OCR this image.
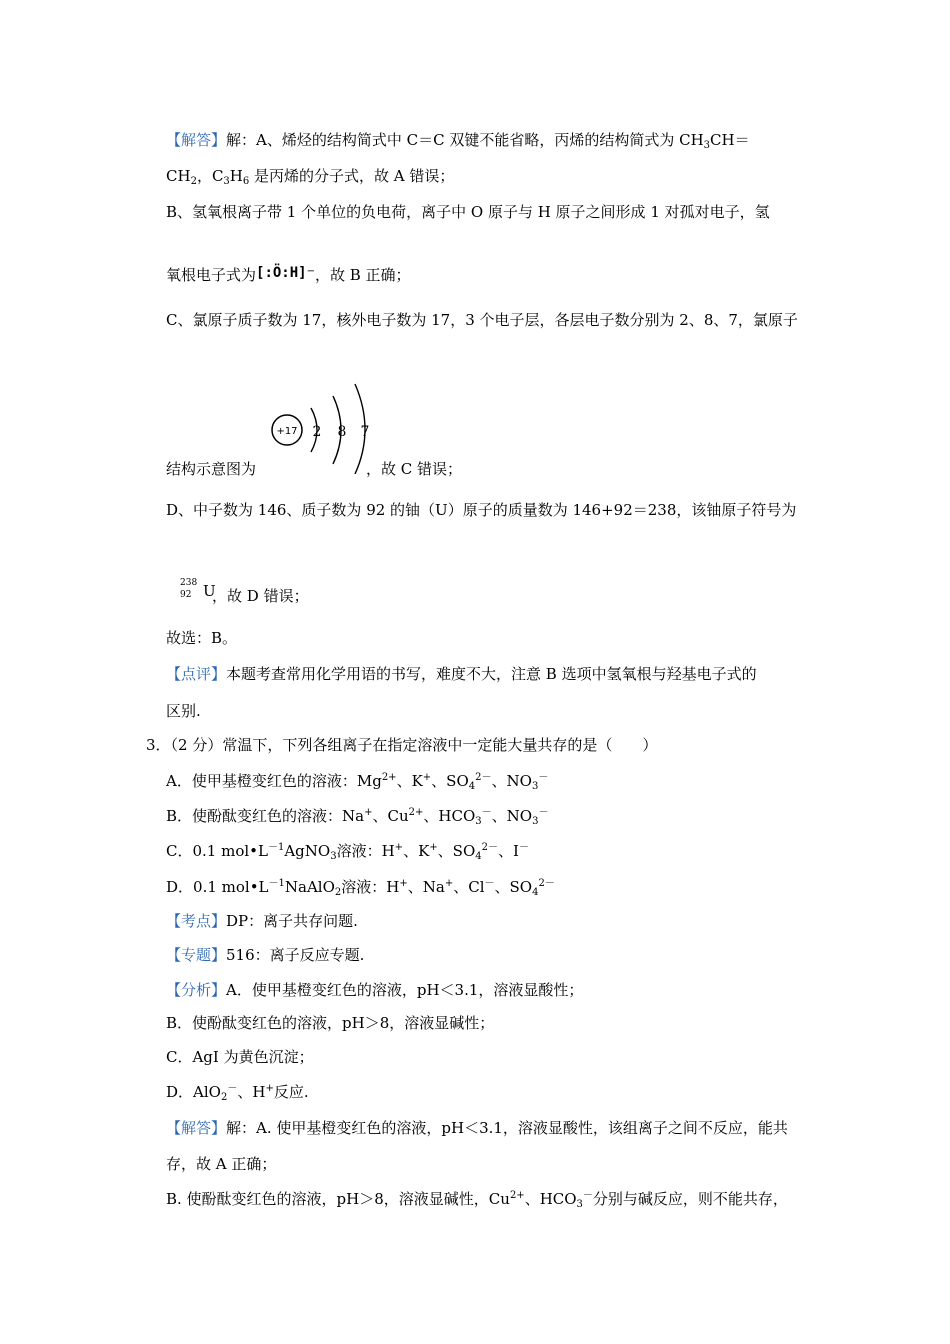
【解答】解：A、烯烃的结构简式中 C＝C 双键不能省略，丙烯的结构简式为 $CH_3CH=$
$CH_2$，$C_3H_6$ 是丙烯的分子式，故 A 错误；
B、氢氧根离子带 1 个单位的负电荷，离子中 O 原子与 H 原子之间形成 1 对孤对电子，氢
氧根电子式为[:Ö:H]−，故 B 正确；
C、氯原子质子数为 17，核外电子数为 17，3 个电子层，各层电子数分别为 2、8、7，氯原子
+17 2 8 7
结构示意图为	，故 C 错误；
D、中子数为 146、质子数为 92 的铀（U）原子的质量数为 146+92＝238，该铀原子符号为
238
92 U
，故 D 错误；
故选：B。
【点评】本题考查常用化学用语的书写，难度不大，注意 B 选项中氢氧根与羟基电子式的
区别.
3．（2 分）常温下，下列各组离子在指定溶液中一定能大量共存的是（　　）
A．使甲基橙变红色的溶液：$Mg^{2+}$、K+、$SO_4^{2-}$、$NO_3^-$
B．使酚酞变红色的溶液：Na+、$Cu^{2+}$、$HCO_3^-$、$NO_3^-$
C．0.1 $mol•L^{-1}AgNO_3$溶液：H+、K+、$SO_4^{2-}$、I－
D．0.1 $mol•L^{-1}NaAlO_2$溶液：H+、Na+、Cl－、$SO_4^{2-}$
【考点】DP：离子共存问题.
【专题】516：离子反应专题.
【分析】A．使甲基橙变红色的溶液，pH＜3.1，溶液显酸性；
B．使酚酞变红色的溶液，pH＞8，溶液显碱性；
C．AgI 为黄色沉淀；
D．AlO$_2$－、H+反应.
【解答】解：A. 使甲基橙变红色的溶液，pH＜3.1，溶液显酸性，该组离子之间不反应，能共
存，故 A 正确；
B. 使酚酞变红色的溶液，pH＞8，溶液显碱性，$Cu^{2+}$、$HCO_3^-$分别与碱反应，则不能共存，
